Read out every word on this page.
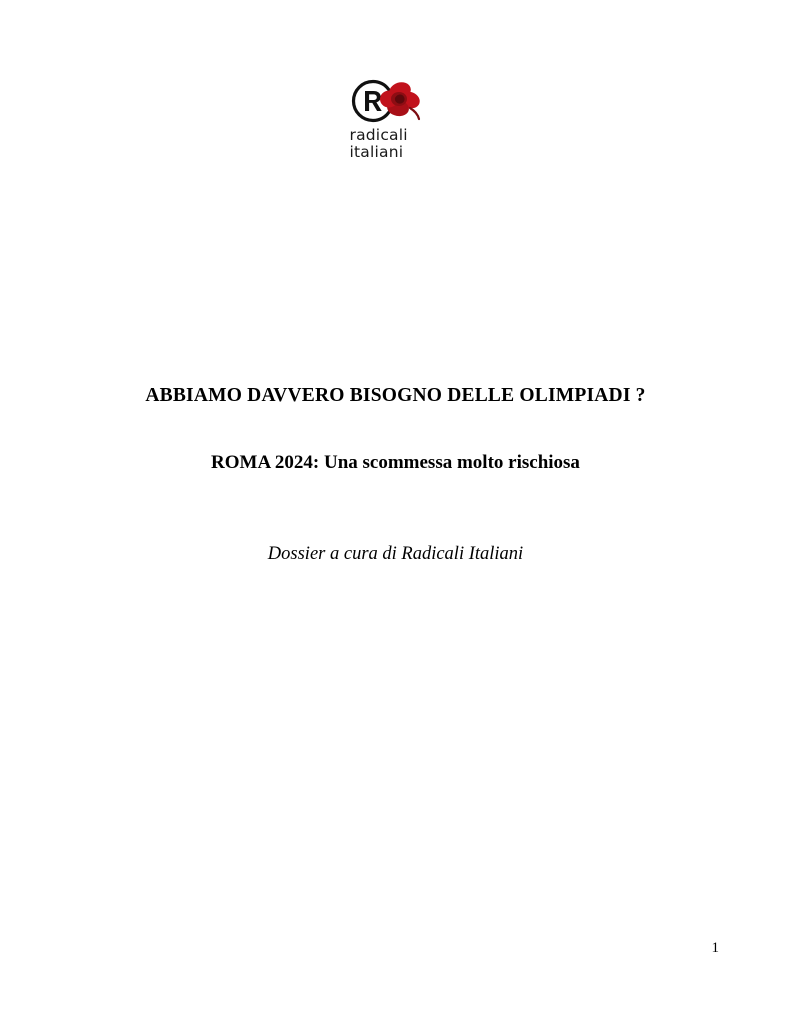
radicali
italiani
ABBIAMO DAVVERO BISOGNO DELLE OLIMPIADI ?
ROMA 2024: Una scommessa molto rischiosa
Dossier a cura di Radicali Italiani
1
